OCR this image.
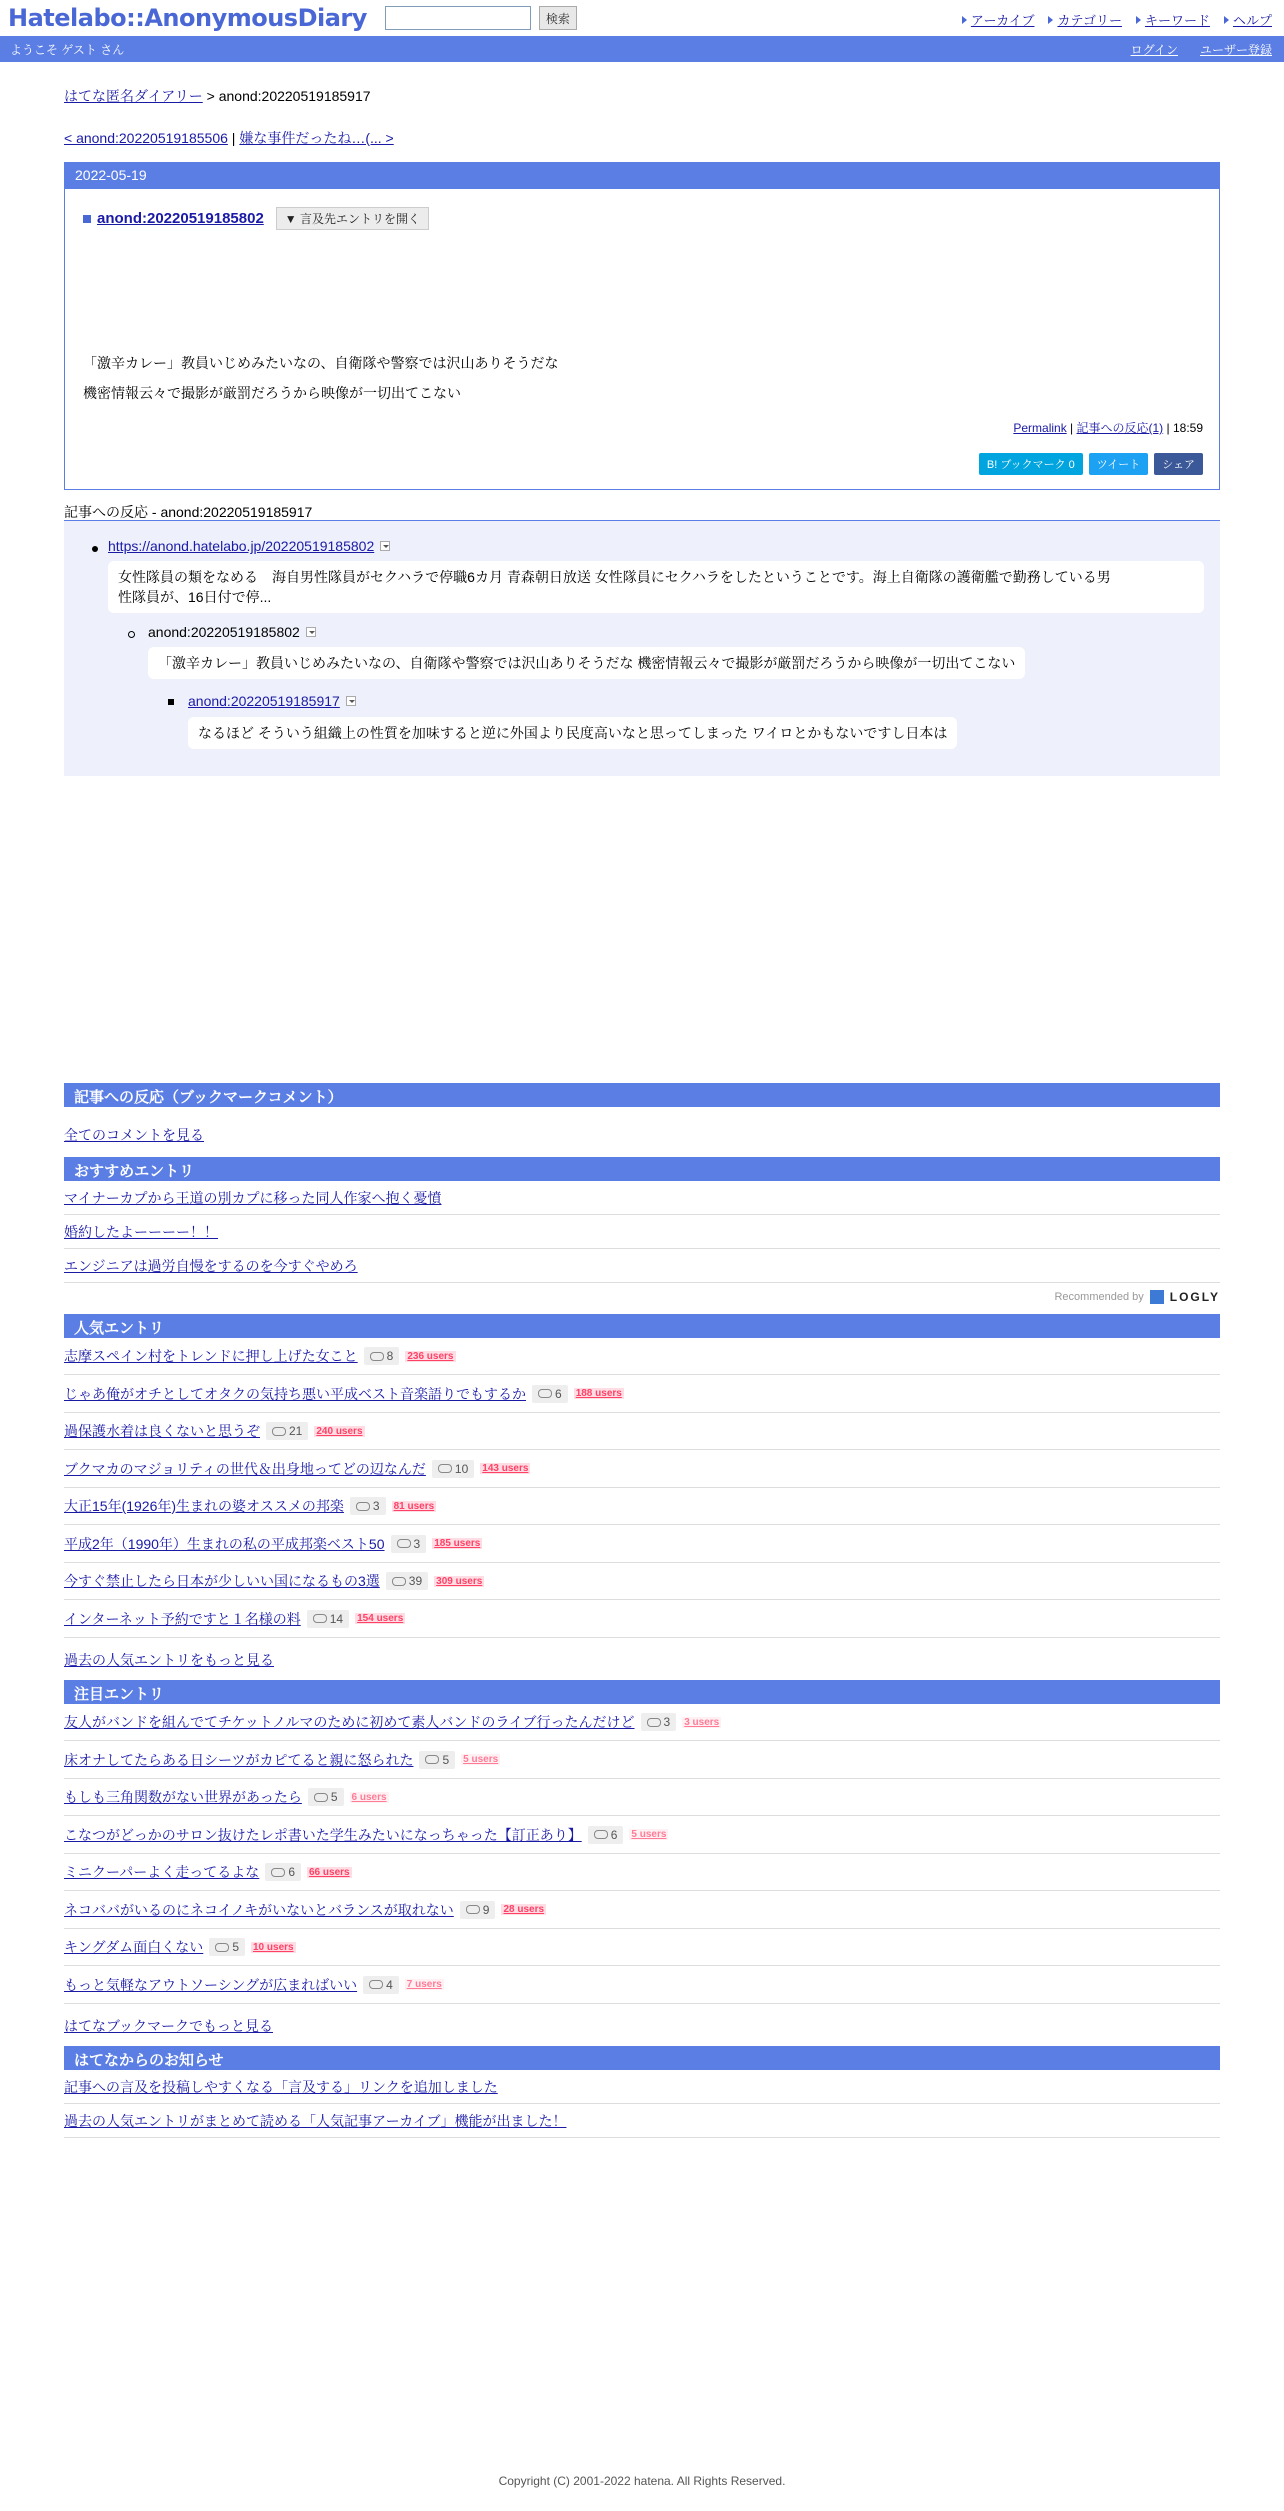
Hatelabo::AnonymousDiary	検索	アーカイブ カテゴリー キーワード ヘルプ
ようこそ ゲスト さん	ログイン ユーザー登録
はてな匿名ダイアリー > anond:20220519185917
< anond:20220519185506 | 嫌な事件だったね…(... >
2022-05-19
anond:20220519185802	▼ 言及先エントリを開く
「激辛カレー」教員いじめみたいなの、自衛隊や警察では沢山ありそうだな
機密情報云々で撮影が厳罰だろうから映像が一切出てこない
Permalink | 記事への反応(1) | 18:59
B! ブックマーク 0	ツイート	シェア
記事への反応 - anond:20220519185917
https://anond.hatelabo.jp/20220519185802
女性隊員の類をなめる　海自男性隊員がセクハラで停職6カ月 青森朝日放送 女性隊員にセクハラをしたということです。海上自衛隊の護衛艦で勤務している男
性隊員が、16日付で停...
anond:20220519185802
「激辛カレー」教員いじめみたいなの、自衛隊や警察では沢山ありそうだな 機密情報云々で撮影が厳罰だろうから映像が一切出てこない
anond:20220519185917
なるほど そういう組織上の性質を加味すると逆に外国より民度高いなと思ってしまった ワイロとかもないですし日本は
記事への反応（ブックマークコメント）
全てのコメントを見る
おすすめエントリ
マイナーカプから王道の別カプに移った同人作家へ抱く憂憤
婚約したよーーーー！！
エンジニアは過労自慢をするのを今すぐやめろ
Recommended by LOGLY
人気エントリ
志摩スペイン村をトレンドに押し上げた女こと 8 236 users
じゃあ俺がオチとしてオタクの気持ち悪い平成ベスト音楽語りでもするか 6 188 users
過保護水着は良くないと思うぞ 21 240 users
ブクマカのマジョリティの世代＆出身地ってどの辺なんだ 10 143 users
大正15年(1926年)生まれの婆オススメの邦楽 3 81 users
平成2年（1990年）生まれの私の平成邦楽ベスト50 3 185 users
今すぐ禁止したら日本が少しいい国になるもの3選 39 309 users
インターネット予約ですと１名様の料 14 154 users
過去の人気エントリをもっと見る
注目エントリ
友人がバンドを組んでてチケットノルマのために初めて素人バンドのライブ行ったんだけど 3 3 users
床オナしてたらある日シーツがカピてると親に怒られた 5 5 users
もしも三角関数がない世界があったら 5 6 users
こなつがどっかのサロン抜けたレポ書いた学生みたいになっちゃった【訂正あり】 6 5 users
ミニクーパーよく走ってるよな 6 66 users
ネコババがいるのにネコイノキがいないとバランスが取れない 9 28 users
キングダム面白くない 5 10 users
もっと気軽なアウトソーシングが広まればいい 4 7 users
はてなブックマークでもっと見る
はてなからのお知らせ
記事への言及を投稿しやすくなる「言及する」リンクを追加しました
過去の人気エントリがまとめて読める「人気記事アーカイブ」機能が出ました！
Copyright (C) 2001-2022 hatena. All Rights Reserved.
